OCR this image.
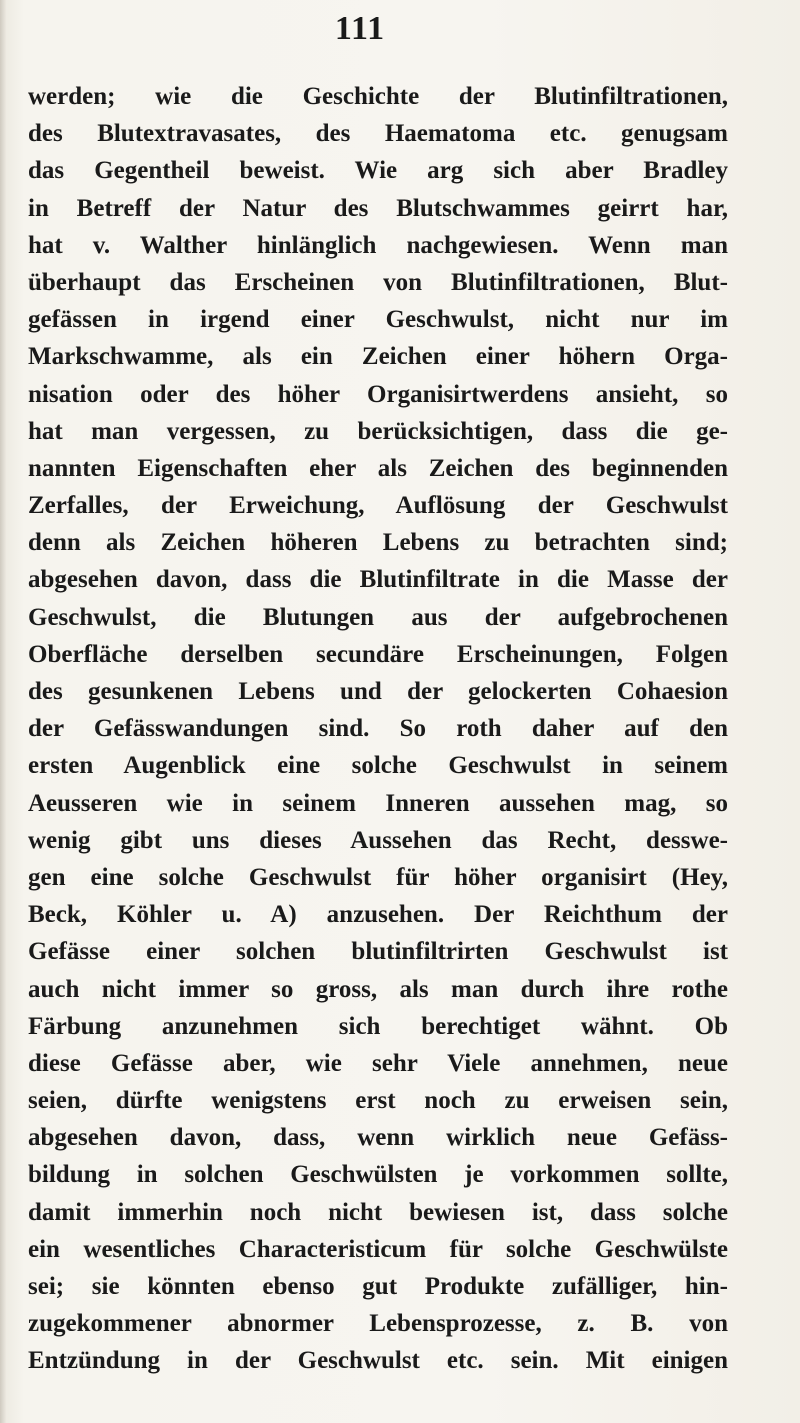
111
werden; wie die Geschichte der Blutinfiltrationen,
des Blutextravasates, des Haematoma etc. genugsam
das Gegentheil beweist. Wie arg sich aber Bradley
in Betreff der Natur des Blutschwammes geirrt har,
hat v. Walther hinlänglich nachgewiesen. Wenn man
überhaupt das Erscheinen von Blutinfiltrationen, Blut-
gefässen in irgend einer Geschwulst, nicht nur im
Markschwamme, als ein Zeichen einer höhern Orga-
nisation oder des höher Organisirtwerdens ansieht, so
hat man vergessen, zu berücksichtigen, dass die ge-
nannten Eigenschaften eher als Zeichen des beginnenden
Zerfalles, der Erweichung, Auflösung der Geschwulst
denn als Zeichen höheren Lebens zu betrachten sind;
abgesehen davon, dass die Blutinfiltrate in die Masse der
Geschwulst, die Blutungen aus der aufgebrochenen
Oberfläche derselben secundäre Erscheinungen, Folgen
des gesunkenen Lebens und der gelockerten Cohaesion
der Gefässwandungen sind. So roth daher auf den
ersten Augenblick eine solche Geschwulst in seinem
Aeusseren wie in seinem Inneren aussehen mag, so
wenig gibt uns dieses Aussehen das Recht, desswe-
gen eine solche Geschwulst für höher organisirt (Hey,
Beck, Köhler u. A) anzusehen. Der Reichthum der
Gefässe einer solchen blutinfiltrirten Geschwulst ist
auch nicht immer so gross, als man durch ihre rothe
Färbung anzunehmen sich berechtiget wähnt. Ob
diese Gefässe aber, wie sehr Viele annehmen, neue
seien, dürfte wenigstens erst noch zu erweisen sein,
abgesehen davon, dass, wenn wirklich neue Gefäss-
bildung in solchen Geschwülsten je vorkommen sollte,
damit immerhin noch nicht bewiesen ist, dass solche
ein wesentliches Characteristicum für solche Geschwülste
sei; sie könnten ebenso gut Produkte zufälliger, hin-
zugekommener abnormer Lebensprozesse, z. B. von
Entzündung in der Geschwulst etc. sein. Mit einigen
